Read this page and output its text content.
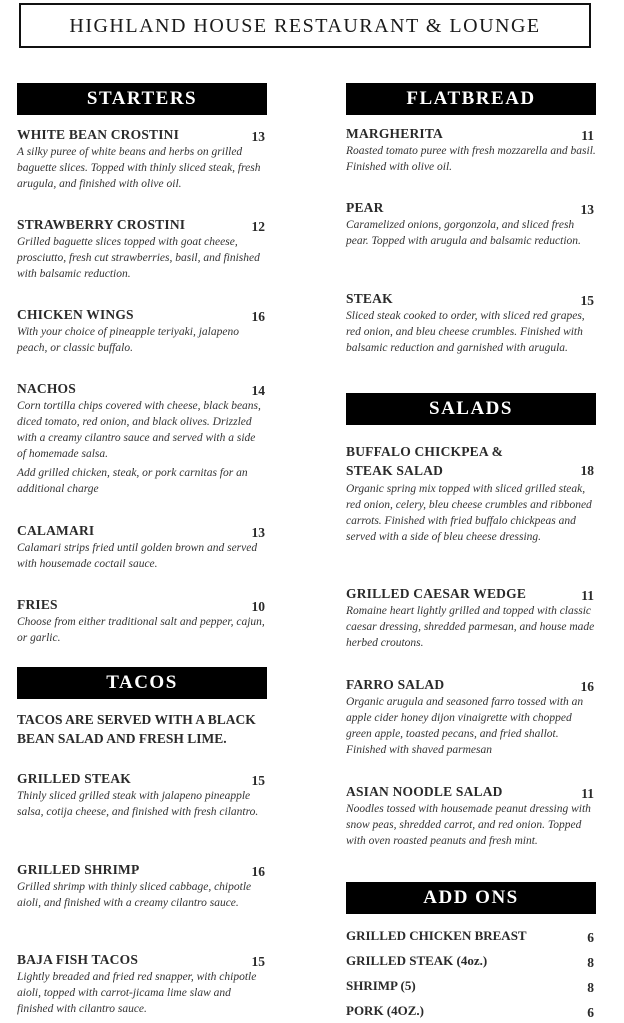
HIGHLAND HOUSE RESTAURANT & LOUNGE
STARTERS
WHITE BEAN CROSTINI	13
A silky puree of white beans and herbs on grilled baguette slices. Topped with thinly sliced steak, fresh arugula, and finished with olive oil.
STRAWBERRY CROSTINI	12
Grilled baguette slices topped with goat cheese, prosciutto, fresh cut strawberries, basil, and finished with balsamic reduction.
CHICKEN WINGS	16
With your choice of pineapple teriyaki, jalapeno peach, or classic buffalo.
NACHOS	14
Corn tortilla chips covered with cheese, black beans, diced tomato, red onion, and black olives. Drizzled with a creamy cilantro sauce and served with a side of homemade salsa.
Add grilled chicken, steak, or pork carnitas for an additional charge
CALAMARI	13
Calamari strips fried until golden brown and served with housemade coctail sauce.
FRIES	10
Choose from either traditional salt and pepper, cajun, or garlic.
TACOS
TACOS ARE SERVED WITH A BLACK BEAN SALAD AND FRESH LIME.
GRILLED STEAK	15
Thinly sliced grilled steak with jalapeno pineapple salsa, cotija cheese, and finished with fresh cilantro.
GRILLED SHRIMP	16
Grilled shrimp with thinly sliced cabbage, chipotle aioli, and finished with a creamy cilantro sauce.
BAJA FISH TACOS	15
Lightly breaded and fried red snapper, with chipotle aioli, topped with carrot-jicama lime slaw and finished with cilantro sauce.
FLATBREAD
MARGHERITA	11
Roasted tomato puree with fresh mozzarella and basil. Finished with olive oil.
PEAR	13
Caramelized onions, gorgonzola, and sliced fresh pear. Topped with arugula and balsamic reduction.
STEAK	15
Sliced steak cooked to order, with sliced red grapes, red onion, and bleu cheese crumbles. Finished with balsamic reduction and garnished with arugula.
SALADS
BUFFALO CHICKPEA & STEAK SALAD	18
Organic spring mix topped with sliced grilled steak, red onion, celery, bleu cheese crumbles and ribboned carrots. Finished with fried buffalo chickpeas and served with a side of bleu cheese dressing.
GRILLED CAESAR WEDGE	11
Romaine heart lightly grilled and topped with classic caesar dressing, shredded parmesan, and house made herbed croutons.
FARRO SALAD	16
Organic arugula and seasoned farro tossed with an apple cider honey dijon vinaigrette with chopped green apple, toasted pecans, and fried shallot. Finished with shaved parmesan
ASIAN NOODLE SALAD	11
Noodles tossed with housemade peanut dressing with snow peas, shredded carrot, and red onion. Topped with oven roasted peanuts and fresh mint.
ADD ONS
GRILLED CHICKEN BREAST	6
GRILLED STEAK (4oz.)	8
SHRIMP (5)	8
PORK (4OZ.)	6
